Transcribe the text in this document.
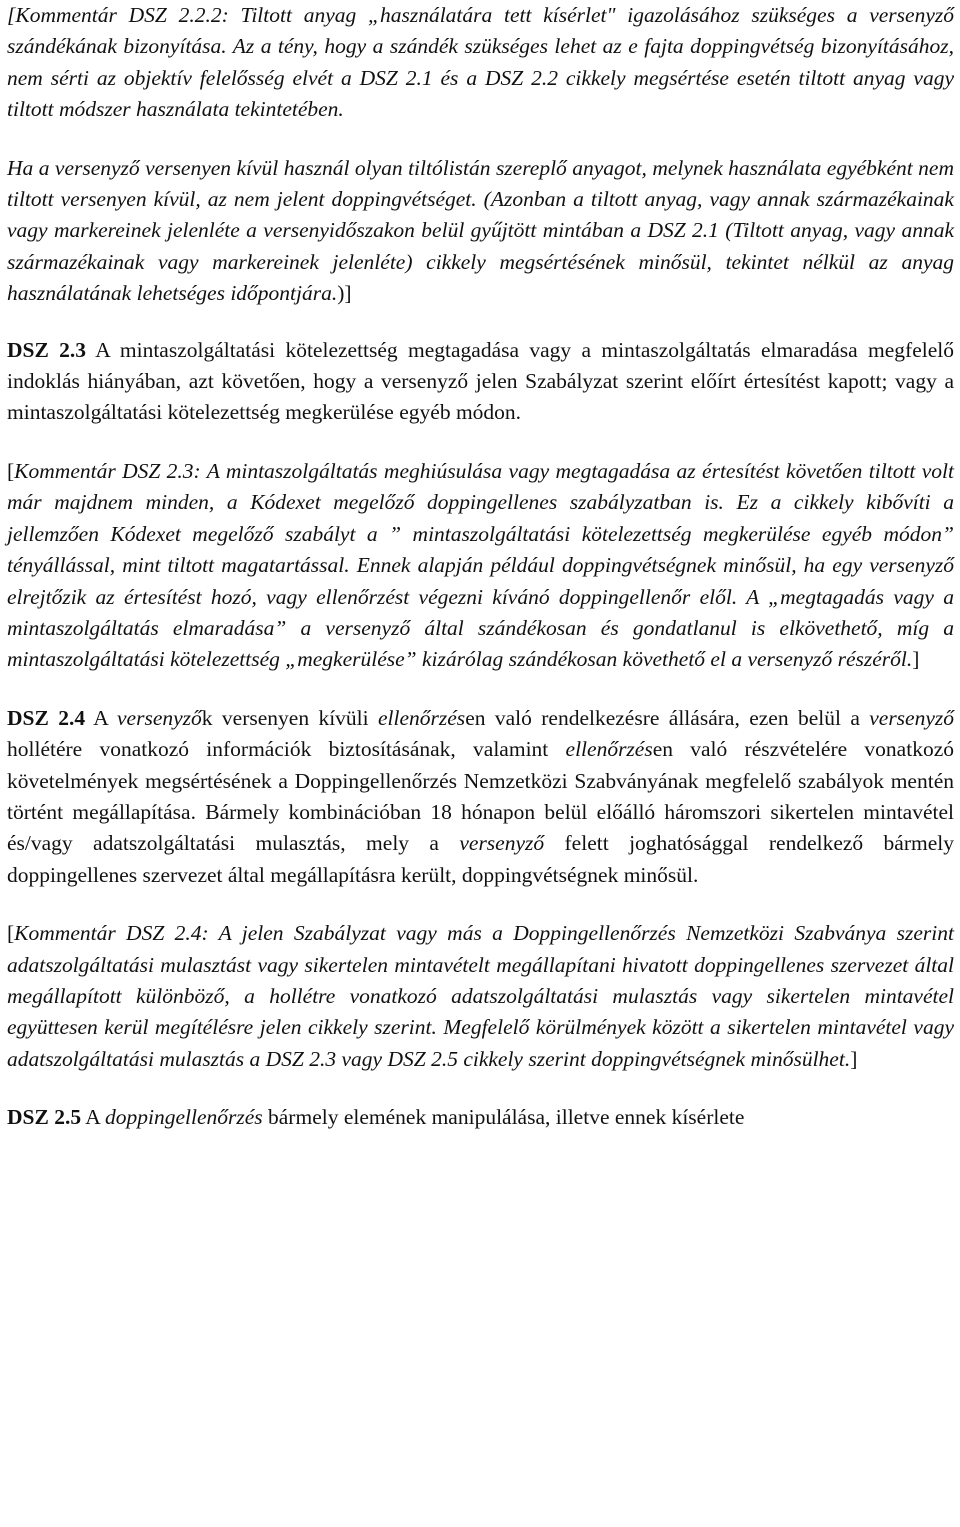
[Kommentár DSZ 2.2.2: Tiltott anyag „használatára tett kísérlet" igazolásához szükséges a versenyző szándékának bizonyítása. Az a tény, hogy a szándék szükséges lehet az e fajta doppingvétség bizonyításához, nem sérti az objektív felelősség elvét a DSZ 2.1 és a DSZ 2.2 cikkely megsértése esetén tiltott anyag vagy tiltott módszer használata tekintetében.

Ha a versenyző versenyen kívül használ olyan tiltólistán szereplő anyagot, melynek használata egyébként nem tiltott versenyen kívül, az nem jelent doppingvétséget. (Azonban a tiltott anyag, vagy annak származékainak vagy markereinek jelenléte a versenyidőszakon belül gyűjtött mintában a DSZ 2.1 (Tiltott anyag, vagy annak származékainak vagy markereinek jelenléte) cikkely megsértésének minősül, tekintet nélkül az anyag használatának lehetséges időpontjára.)]

DSZ 2.3 A mintaszolgáltatási kötelezettség megtagadása vagy a mintaszolgáltatás elmaradása megfelelő indoklás hiányában, azt követően, hogy a versenyző jelen Szabályzat szerint előírt értesítést kapott; vagy a mintaszolgáltatási kötelezettség megkerülése egyéb módon.

[Kommentár DSZ 2.3: A mintaszolgáltatás meghiúsulása vagy megtagadása az értesítést követően tiltott volt már majdnem minden, a Kódexet megelőző doppingellenes szabályzatban is. Ez a cikkely kibővíti a jellemzően Kódexet megelőző szabályt a ” mintaszolgáltatási kötelezettség megkerülése egyéb módon” tényállással, mint tiltott magatartással. Ennek alapján például doppingvétségnek minősül, ha egy versenyző elrejtőzik az értesítést hozó, vagy ellenőrzést végezni kívánó doppingellenőr elől. A „megtagadás vagy a mintaszolgáltatás elmaradása” a versenyző által szándékosan és gondatlanul is elkövethető, míg a mintaszolgáltatási kötelezettség „megkerülése” kizárólag szándékosan követhető el a versenyző részéről.]

DSZ 2.4 A versenyzők versenyen kívüli ellenőrzésen való rendelkezésre állására, ezen belül a versenyző hollétére vonatkozó információk biztosításának, valamint ellenőrzésen való részvételére vonatkozó követelmények megsértésének a Doppingellenőrzés Nemzetközi Szabványának megfelelő szabályok mentén történt megállapítása. Bármely kombinációban 18 hónapon belül előálló háromszori sikertelen mintavétel és/vagy adatszolgáltatási mulasztás, mely a versenyző felett joghatósággal rendelkező bármely doppingellenes szervezet által megállapításra került, doppingvétségnek minősül.

[Kommentár DSZ 2.4: A jelen Szabályzat vagy más a Doppingellenőrzés Nemzetközi Szabványa szerint adatszolgáltatási mulasztást vagy sikertelen mintavételt megállapítani hivatott doppingellenes szervezet által megállapított különböző, a hollétre vonatkozó adatszolgáltatási mulasztás vagy sikertelen mintavétel együttesen kerül megítélésre jelen cikkely szerint. Megfelelő körülmények között a sikertelen mintavétel vagy adatszolgáltatási mulasztás a DSZ 2.3 vagy DSZ 2.5 cikkely szerint doppingvétségnek minősülhet.]

DSZ 2.5 A doppingellenőrzés bármely elemének manipulálása, illetve ennek kísérlete
